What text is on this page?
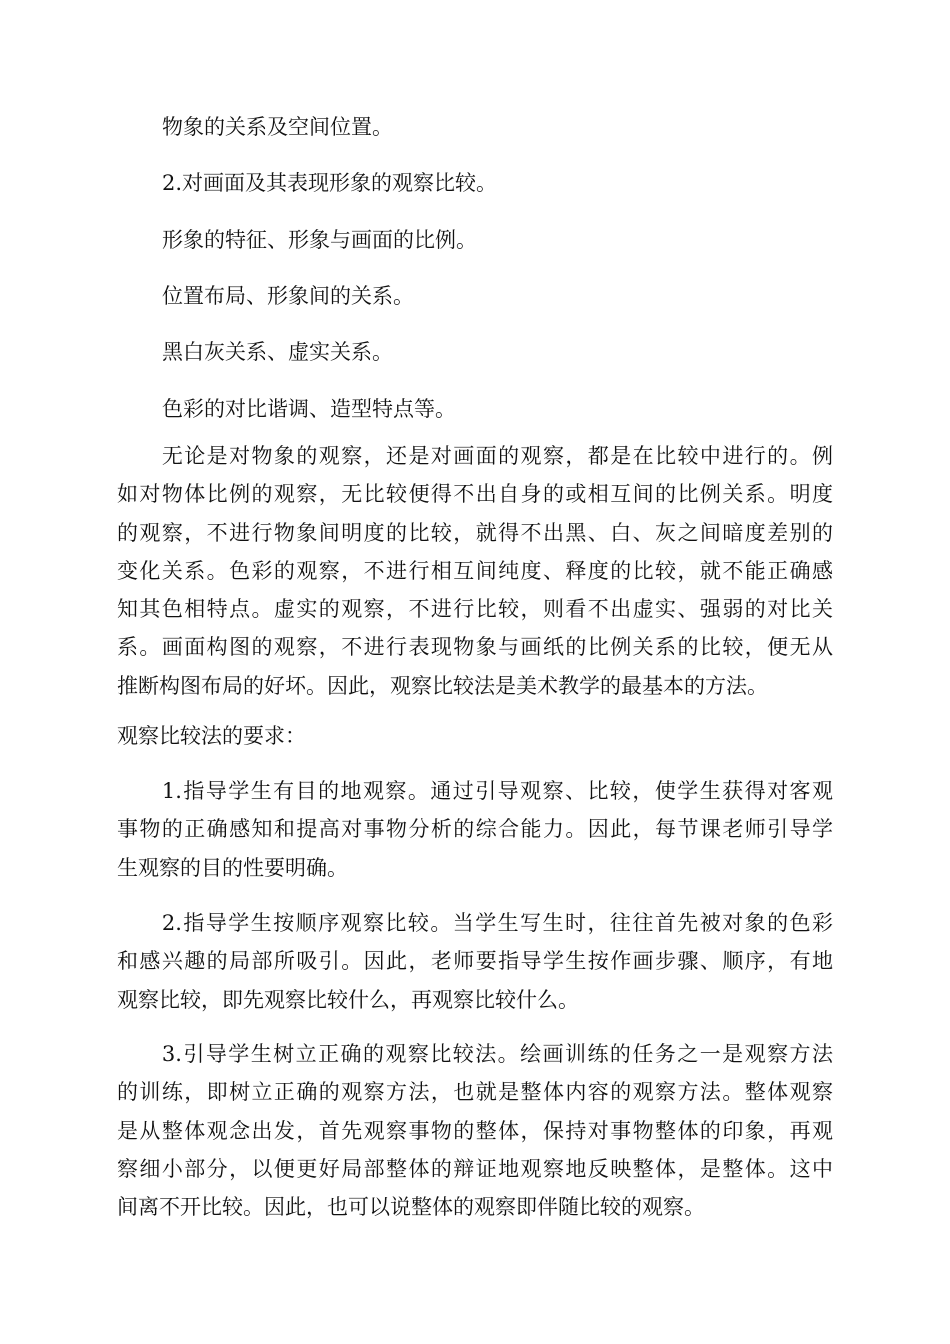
物象的关系及空间位置。

2.对画面及其表现形象的观察比较。

形象的特征、形象与画面的比例。

位置布局、形象间的关系。

黑白灰关系、虚实关系。

色彩的对比谐调、造型特点等。

　　无论是对物象的观察，还是对画面的观察，都是在比较中进行的。例
如对物体比例的观察，无比较便得不出自身的或相互间的比例关系。明度
的观察，不进行物象间明度的比较，就得不出黑、白、灰之间暗度差别的
变化关系。色彩的观察，不进行相互间纯度、释度的比较，就不能正确感
知其色相特点。虚实的观察，不进行比较，则看不出虚实、强弱的对比关
系。画面构图的观察，不进行表现物象与画纸的比例关系的比较，便无从
推断构图布局的好坏。因此，观察比较法是美术教学的最基本的方法。

观察比较法的要求：

　　1.指导学生有目的地观察。通过引导观察、比较，使学生获得对客观
事物的正确感知和提高对事物分析的综合能力。因此，每节课老师引导学
生观察的目的性要明确。
　　2.指导学生按顺序观察比较。当学生写生时，往往首先被对象的色彩
和感兴趣的局部所吸引。因此，老师要指导学生按作画步骤、顺序，有地
观察比较，即先观察比较什么，再观察比较什么。
　　3.引导学生树立正确的观察比较法。绘画训练的任务之一是观察方法
的训练，即树立正确的观察方法，也就是整体内容的观察方法。整体观察
是从整体观念出发，首先观察事物的整体，保持对事物整体的印象，再观
察细小部分，以便更好局部整体的辩证地观察地反映整体，是整体。这中
间离不开比较。因此，也可以说整体的观察即伴随比较的观察。
